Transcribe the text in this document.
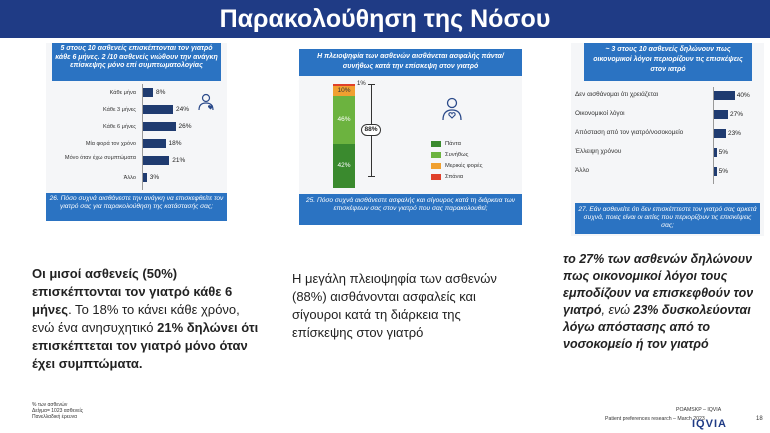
Παρακολούθηση της Νόσου
5 στους 10 ασθενείς επισκέπτονται τον γιατρό κάθε 6 μήνες. 2 /10 ασθενείς νιώθουν την ανάγκη επίσκεψης μόνο επί συμπτωματολογίας
Κάθε μήνα	8%
Κάθε 3 μήνες	24%
Κάθε 6 μήνες	26%
Μία φορά τον χρόνο	18%
Μόνο όταν έχω συμπτώματα	21%
Άλλο 3%
26. Πόσο συχνά αισθάνεστε την ανάγκη να επισκεφθείτε τον γιατρό σας για παρακολούθηση της κατάστασής σας;
Η πλειοψηφία των ασθενών αισθάνεται ασφαλής πάντα/συνήθως κατά την επίσκεψη στον γιατρό
42%
46%
10%
1%
88%
Πάντα
Συνήθως
Μερικές φορές
Σπάνια
25. Πόσο συχνά αισθάνεστε ασφαλής και σίγουρος κατά τη διάρκεια των επισκέψεων σας στον γιατρό που σας παρακολουθεί;
~ 3 στους 10 ασθενείς δηλώνουν πως οικονομικοί λόγοι περιορίζουν τις επισκέψεις στον ιατρό
Δεν αισθάνομαι ότι χρειάζεται	40%
Οικονομικοί λόγοι	27%
Απόσταση από τον γιατρό/νοσοκομείο	23%
Έλλειψη χρόνου	5%
Άλλο	5%
27. Εάν ασθενείτε ότι δεν επισκέπτεστε τον γιατρό σας αρκετά συχνά, ποιες είναι οι αιτίες που περιορίζουν τις επισκέψεις σας;
Οι μισοί ασθενείς (50%) επισκέπτονται τον γιατρό κάθε 6 μήνες. Το 18% το κάνει κάθε χρόνο, ενώ ένα ανησυχητικό 21% δηλώνει ότι επισκέπτεται τον γιατρό μόνο όταν έχει συμπτώματα.
Η μεγάλη πλειοψηφία των ασθενών (88%) αισθάνονται ασφαλείς και σίγουροι κατά τη διάρκεια της επίσκεψης στον γιατρό
το 27% των ασθενών δηλώνουν πως οικονομικοί λόγοι τους εμποδίζουν να επισκεφθούν τον γιατρό, ενώ 23% δυσκολεύονται λόγω απόστασης από το νοσοκομείο ή τον γιατρό
% των ασθενών
Δείγμα= 1023 ασθενείς
Πανελλαδική έρευνα
POAMSKP – IQVIA
Patient preferences research – March 2023	18
IQVIA
